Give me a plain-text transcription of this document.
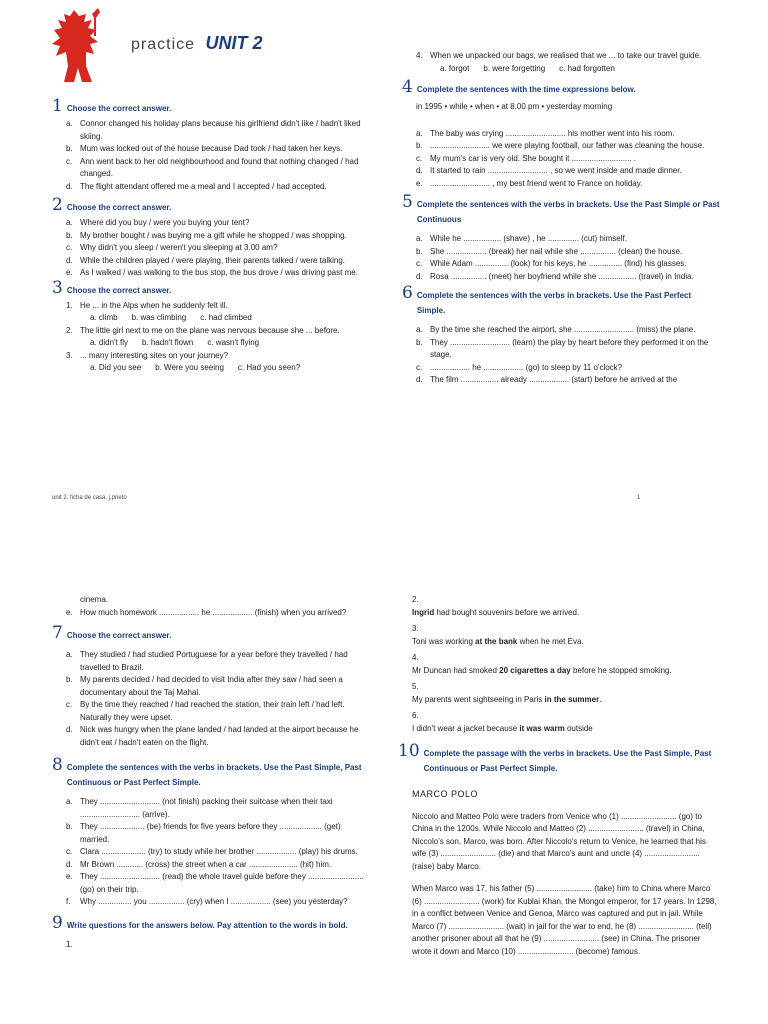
practice UNIT 2
1 Choose the correct answer.
a. Connor changed his holiday plans because his girlfriend didn't like / hadn't liked skiing.
b. Mum was locked out of the house because Dad took / had taken her keys.
c. Ann went back to her old neighbourhood and found that nothing changed / had changed.
d. The flight attendant offered me a meal and I accepted / had accepted.
2 Choose the correct answer.
a. Where did you buy / were you buying your tent?
b. My brother bought / was buying me a gift while he shopped / was shopping.
c. Why didn't you sleep / weren't you sleeping at 3.00 am?
d. While the children played / were playing, their parents talked / were talking.
e. As I walked / was walking to the bus stop, the bus drove / was driving past me.
3 Choose the correct answer.
1. He ... in the Alps when he suddenly felt ill.
a. climb b. was climbing c. had climbed
2. The little girl next to me on the plane was nervous because she ... before.
a. didn't fly b. hadn't flown c. wasn't flying
3. ... many interesting sites on your journey?
a. Did you see b. Were you seeing c. Had you seen?
4. When we unpacked our bags, we realised that we ... to take our travel guide.
a. forgot b. were forgetting c. had forgotten
4 Complete the sentences with the time expressions below.

in 1995 • while • when • at 8.00 pm • yesterday morning

a. The baby was crying ........................... his mother went into his room.
b. ........................... we were playing football, our father was cleaning the house.
c. My mum's car is very old. She bought it ........................... .
d. It started to rain ........................... , so we went inside and made dinner.
e. ........................... , my best friend went to France on holiday.
5 Complete the sentences with the verbs in brackets. Use the Past Simple or Past Continuous
a. While he ................. (shave) , he .............. (cut) himself.
b. She .................. (break) her nail while she ................ (clean) the house.
c. While Adam ............... (look) for his keys, he ............... (find) his glasses.
d. Rosa ................ (meet) her boyfriend while she ................. (travel) in India.
6 Complete the sentences with the verbs in brackets. Use the Past Perfect Simple.
a. By the time she reached the airport, she ........................... (miss) the plane.
b. They ........................... (learn) the play by heart before they performed it on the stage.
c. .................. he .................. (go) to sleep by 11 o'clock?
d. The film ................. already .................. (start) before he arrived at the
unit 2. ficha de casa. j.prieto	1

cinema.

e. How much homework .................. he .................. (finish) when you arrived?
7 Choose the correct answer.
a. They studied / had studied Portuguese for a year before they travelled / had travelled to Brazil.
b. My parents decided / had decided to visit India after they saw / had seen a documentary about the Taj Mahal.
c. By the time they reached / had reached the station, their train left / had left. Naturally they were upset.
d. Nick was hungry when the plane landed / had landed at the airport because he didn't eat / hadn't eaten on the flight.
8 Complete the sentences with the verbs in brackets. Use the Past Simple, Past Continuous or Past Perfect Simple.
a. They ........................... (not finish) packing their suitcase when their taxi ........................... (arrive).
b. They .................... (be) friends for five years before they ................... (get) married.
c. Clara .................... (try) to study while her brother .................. (play) his drums.
d. Mr Brown ............ (cross) the street when a car ...................... (hit) him.
e. They ........................... (read) the whole travel guide before they ......................... (go) on their trip.
f.	Why ............... you ................ (cry) when I .................. (see) you yesterday?
9 Write questions for the answers below. Pay attention to the words in bold.

1.

2.

Ingrid had bought souvenirs before we arrived.

3.

Toni was working at the bank when he met Eva.

4.

Mr Duncan had smoked 20 cigarettes a day before he stopped smoking.

5.

My parents went sightseeing in Paris in the summer.

6.

I didn't wear a jacket because it was warm outside

10 Complete the passage with the verbs in brackets. Use the Past Simple, Past Continuous or Past Perfect Simple.

MARCO POLO

Niccolo and Matteo Polo were traders from Venice who (1) ......................... (go) to China in the 1200s. While Niccolo and Matteo (2) ......................... (travel) in China, Niccolo's son, Marco, was born. After Niccolo's return to Venice, he learned that his wife (3) ......................... (die) and that Marco's aunt and uncle (4) ......................... (raise) baby Marco.

When Marco was 17, his father (5) ......................... (take) him to China where Marco (6) ......................... (work) for Kublai Khan, the Mongol emperor, for 17 years. In 1298, in a conflict between Venice and Genoa, Marco was captured and put in jail. While Marco (7) ......................... (wait) in jail for the war to end, he (8) ......................... (tell) another prisoner about all that he (9) ......................... (see) in China. The prisoner wrote it down and Marco (10) ......................... (become) famous.
